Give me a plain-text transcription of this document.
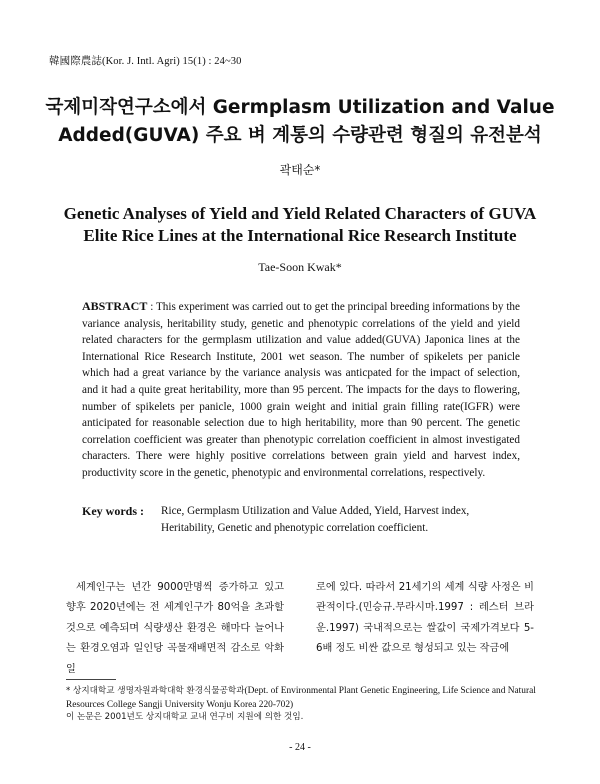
韓國際農誌(Kor. J. Intl. Agri) 15(1) : 24~30
국제미작연구소에서 Germplasm Utilization and Value
Added(GUVA) 주요 벼 계통의 수량관련 형질의 유전분석
곽태순*
Genetic Analyses of Yield and Yield Related Characters of GUVA
Elite Rice Lines at the International Rice Research Institute
Tae-Soon Kwak*
ABSTRACT : This experiment was carried out to get the principal breeding informations by the variance analysis, heritability study, genetic and phenotypic correlations of the yield and yield related characters for the germplasm utilization and value added(GUVA) Japonica lines at the International Rice Research Institute, 2001 wet season. The number of spikelets per panicle which had a great variance by the variance analysis was anticpated for the impact of selection, and it had a quite great heritability, more than 95 percent. The impacts for the days to flowering, number of spikelets per panicle, 1000 grain weight and initial grain filling rate(IGFR) were anticipated for reasonable selection due to high heritability, more than 90 percent. The genetic correlation coefficient was greater than phenotypic correlation coefficient in almost investigated characters. There were highly positive correlations between grain yield and harvest index, productivity score in the genetic, phenotypic and environmental correlations, respectively.
Key words :Rice, Germplasm Utilization and Value Added, Yield, Harvest index, Heritability, Genetic and phenotypic correlation coefficient.
세계인구는 년간 9000만명씩 증가하고 있고 향후 2020년에는 전 세계인구가 80억을 초과할 것으로 예측되며 식량생산 환경은 해마다 늘어나는 환경오염과 일인당 곡물재배면적 감소로 악화일
로에 있다. 따라서 21세기의 세계 식량 사정은 비관적이다.(민승규.무라시마.1997 : 레스터 브라운.1997) 국내적으로는 쌀값이 국제가격보다 5-6배 정도 비싼 값으로 형성되고 있는 작금에
* 상지대학교 생명자원과학대학 환경식물공학과(Dept. of Environmental Plant Genetic Engineering, Life Science and Natural Resources College Sangji University Wonju Korea 220-702)
이 논문은 2001년도 상지대학교 교내 연구비 지원에 의한 것임.
- 24 -
